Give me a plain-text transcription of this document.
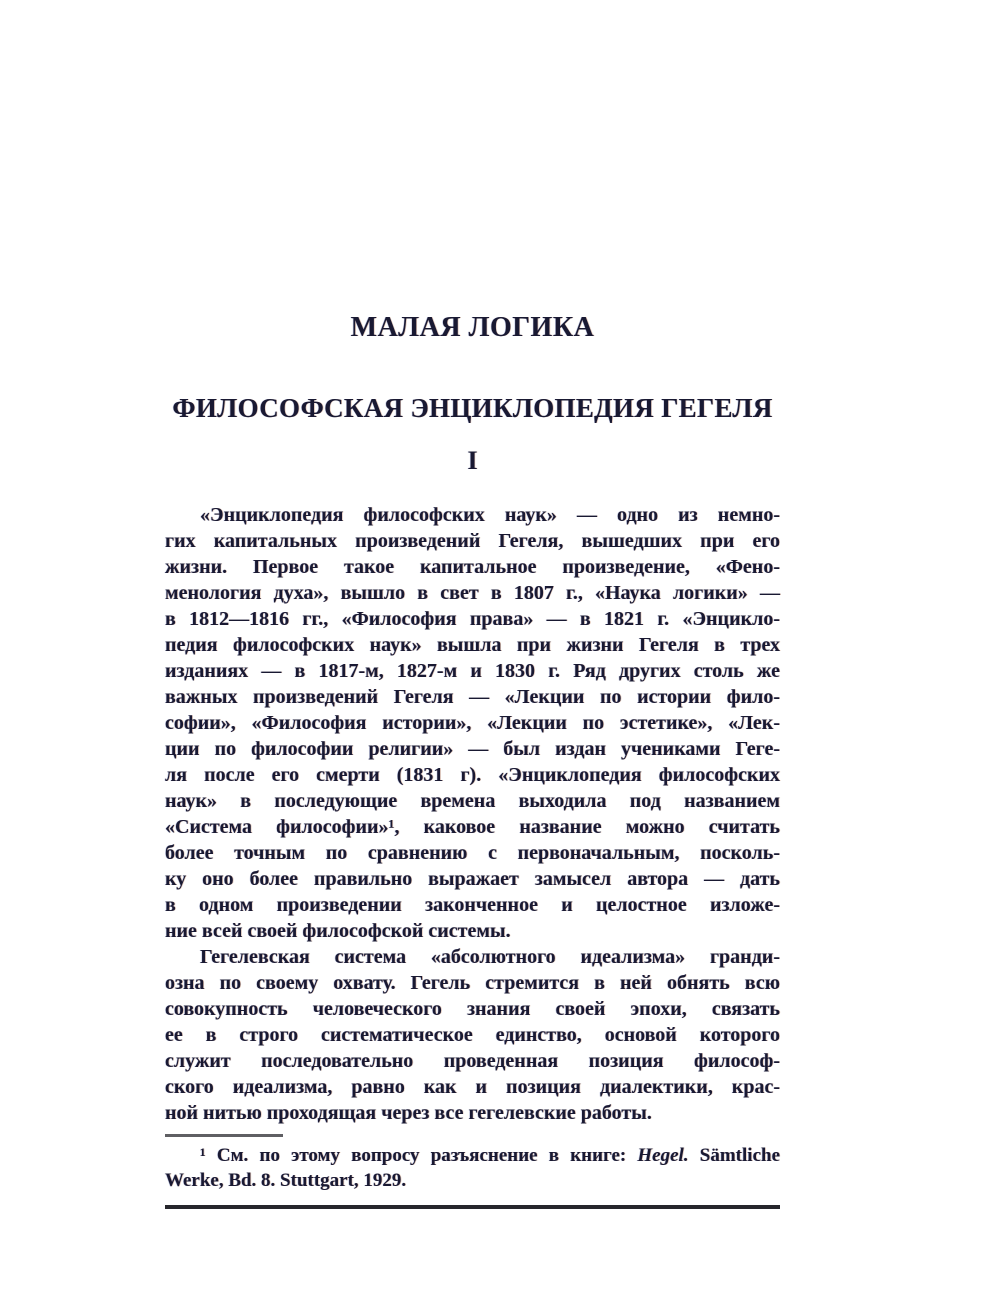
МАЛАЯ ЛОГИКА
ФИЛОСОФСКАЯ ЭНЦИКЛОПЕДИЯ ГЕГЕЛЯ
I
«Энциклопедия философских наук» — одно из немно-
гих капитальных произведений Гегеля, вышедших при его
жизни. Первое такое капитальное произведение, «Фено-
менология духа», вышло в свет в 1807 г., «Наука логики» —
в 1812—1816 гг., «Философия права» — в 1821 г. «Энцикло-
педия философских наук» вышла при жизни Гегеля в трех
изданиях — в 1817-м, 1827-м и 1830 г. Ряд других столь же
важных произведений Гегеля — «Лекции по истории фило-
софии», «Философия истории», «Лекции по эстетике», «Лек-
ции по философии религии» — был издан учениками Геге-
ля после его смерти (1831 г). «Энциклопедия философских
наук» в последующие времена выходила под названием
«Система философии»¹, каковое название можно считать
более точным по сравнению с первоначальным, посколь-
ку оно более правильно выражает замысел автора — дать
в одном произведении законченное и целостное изложе-
ние всей своей философской системы.
Гегелевская система «абсолютного идеализма» гранди-
озна по своему охвату. Гегель стремится в ней обнять всю
совокупность человеческого знания своей эпохи, связать
ее в строго систематическое единство, основой которого
служит последовательно проведенная позиция философ-
ского идеализма, равно как и позиция диалектики, крас-
ной нитью проходящая через все гегелевские работы.
¹ См. по этому вопросу разъяснение в книге: Hegel. Sämtliche
Werke, Bd. 8. Stuttgart, 1929.
